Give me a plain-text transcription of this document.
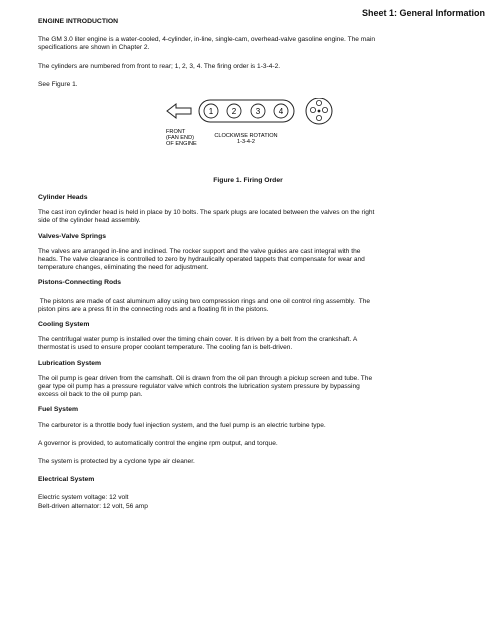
Sheet 1: General Information

ENGINE INTRODUCTION

The GM 3.0 liter engine is a water-cooled, 4-cylinder, in-line, single-cam, overhead-valve gasoline engine. The main

specifications are shown in Chapter 2.

The cylinders are numbered from front to rear; 1, 2, 3, 4. The firing order is 1-3-4-2.

See Figure 1.

1 2 3 4
FRONT
(FAN END)
OF ENGINE
CLOCKWISE ROTATION
1-3-4-2
Figure 1. Firing Order

Cylinder Heads

The cast iron cylinder head is held in place by 10 bolts. The spark plugs are located between the valves on the right

side of the cylinder head assembly.

Valves-Valve Springs

The valves are arranged in-line and inclined. The rocker support and the valve guides are cast integral with the

heads. The valve clearance is controlled to zero by hydraulically operated tappets that compensate for wear and

temperature changes, eliminating the need for adjustment.

Pistons-Connecting Rods

The pistons are made of cast aluminum alloy using two compression rings and one oil control ring assembly.  The

piston pins are a press fit in the connecting rods and a floating fit in the pistons.

Cooling System

The centrifugal water pump is installed over the timing chain cover. It is driven by a belt from the crankshaft. A

thermostat is used to ensure proper coolant temperature. The cooling fan is belt-driven.

Lubrication System

The oil pump is gear driven from the camshaft. Oil is drawn from the oil pan through a pickup screen and tube. The

gear type oil pump has a pressure regulator valve which controls the lubrication system pressure by bypassing

excess oil back to the oil pump pan.

Fuel System

The carburetor is a throttle body fuel injection system, and the fuel pump is an electric turbine type.

A governor is provided, to automatically control the engine rpm output, and torque.

The system is protected by a cyclone type air cleaner.

Electrical System

Electric system voltage: 12 volt

Belt-driven alternator: 12 volt, 56 amp
